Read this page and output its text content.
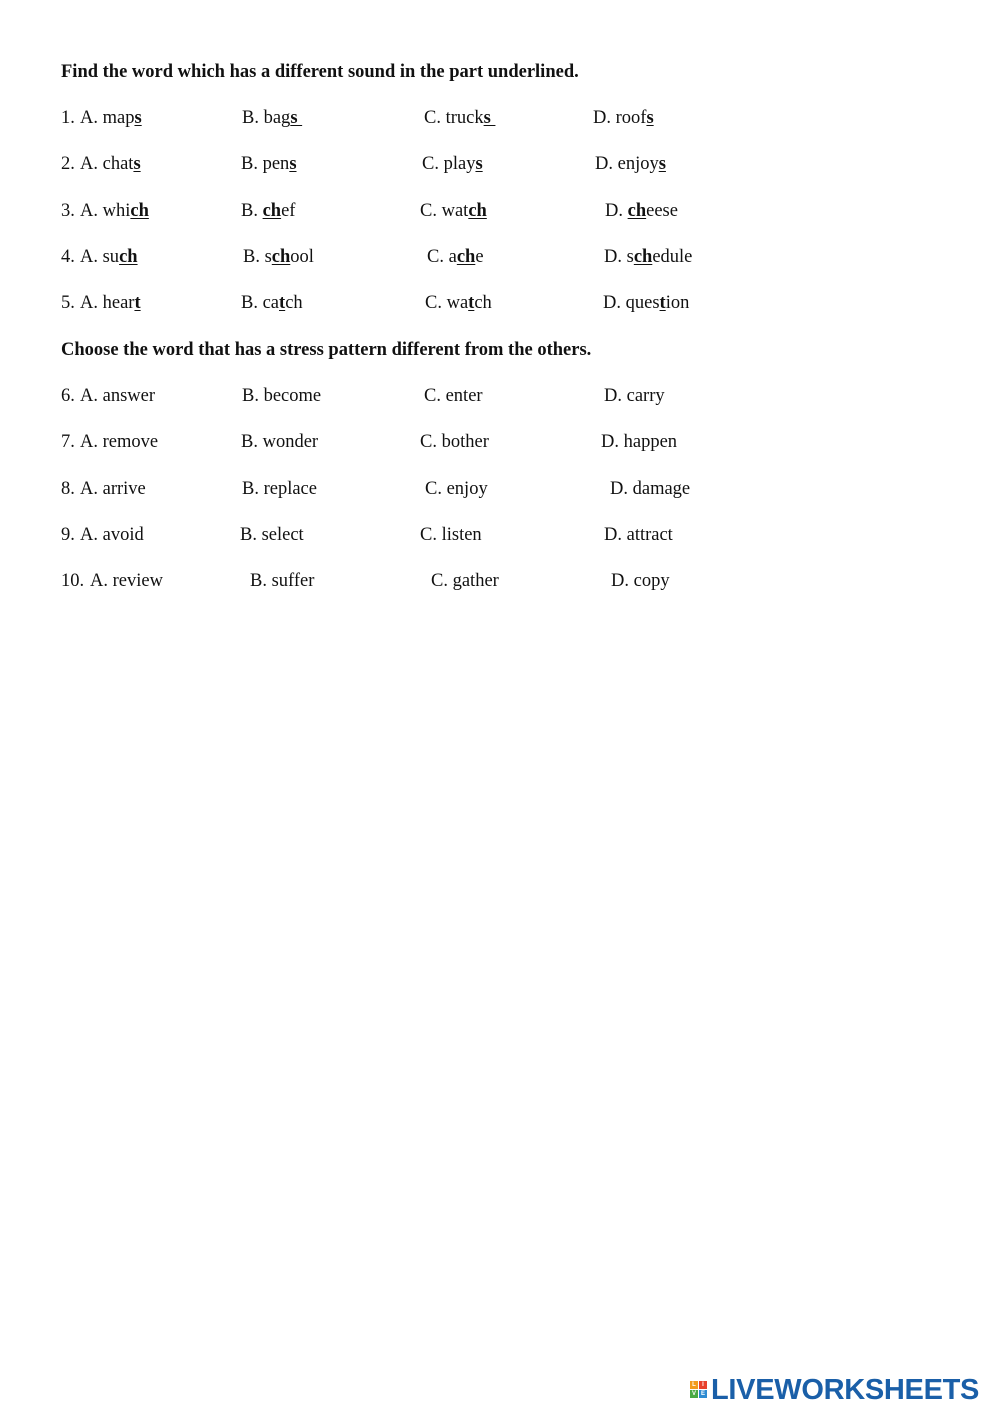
Find the word which has a different sound in the part underlined.
1. A. maps	B. bags	C. trucks	D. roofs
2. A. chats	B. pens	C. plays	D. enjoys
3. A. which	B. chef	C. watch	D. cheese
4. A. such	B. school	C. ache	D. schedule
5. A. heart	B. catch	C. watch	D. question
Choose the word that has a stress pattern different from the others.
6. A. answer	B. become	C. enter	D. carry
7. A. remove	B. wonder	C. bother	D. happen
8. A. arrive	B. replace	C. enjoy	D. damage
9. A. avoid	B. select	C. listen	D. attract
10. A. review	B. suffer	C. gather	D. copy
L	I
V E LIVEWORKSHEETS
